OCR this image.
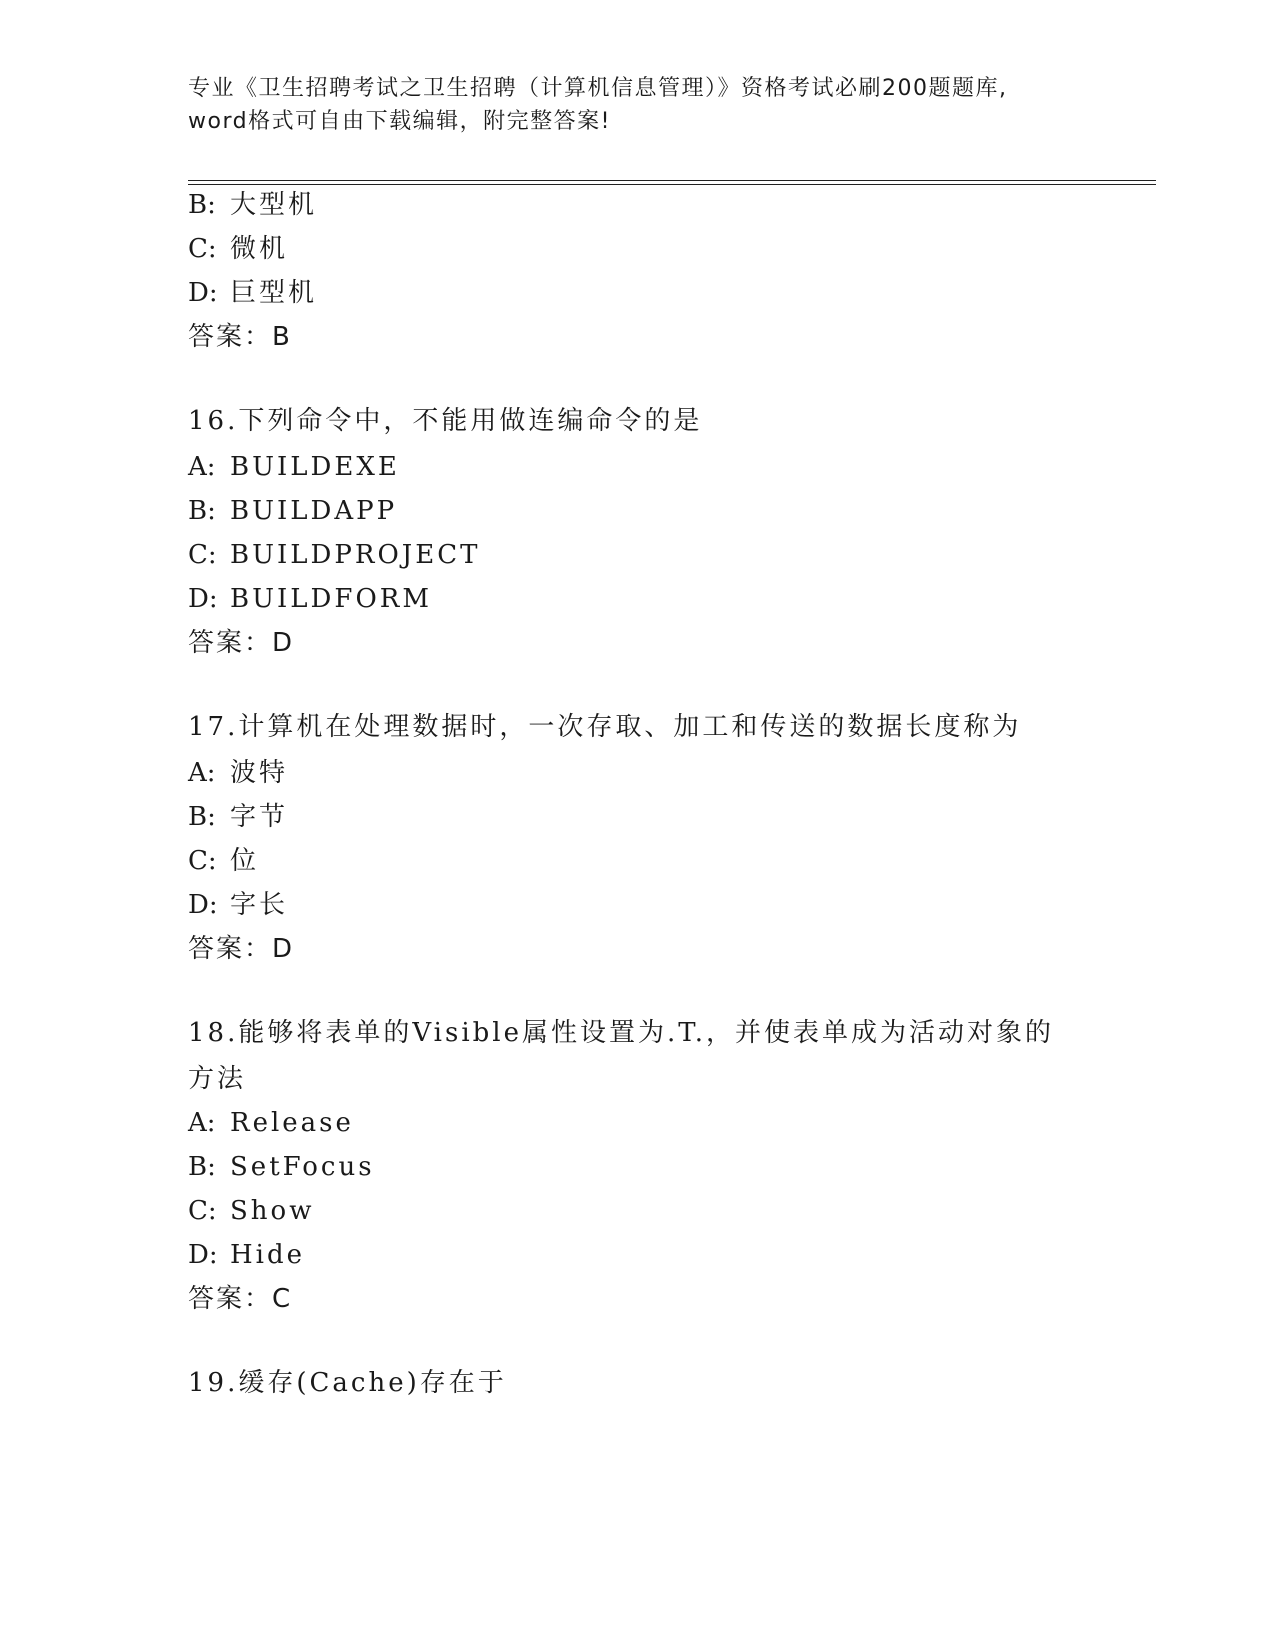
专业《卫生招聘考试之卫生招聘（计算机信息管理）》资格考试必刷200题题库,
word格式可自由下载编辑，附完整答案!
B: 大型机
C: 微机
D: 巨型机
答案：B
16.下列命令中，不能用做连编命令的是
A: BUILDEXE
B: BUILDAPP
C: BUILDPROJECT
D: BUILDFORM
答案：D
17.计算机在处理数据时，一次存取、加工和传送的数据长度称为
A: 波特
B: 字节
C: 位
D: 字长
答案：D
18.能够将表单的Visible属性设置为.T.，并使表单成为活动对象的方法
A: Release
B: SetFocus
C: Show
D: Hide
答案：C
19.缓存(Cache)存在于
